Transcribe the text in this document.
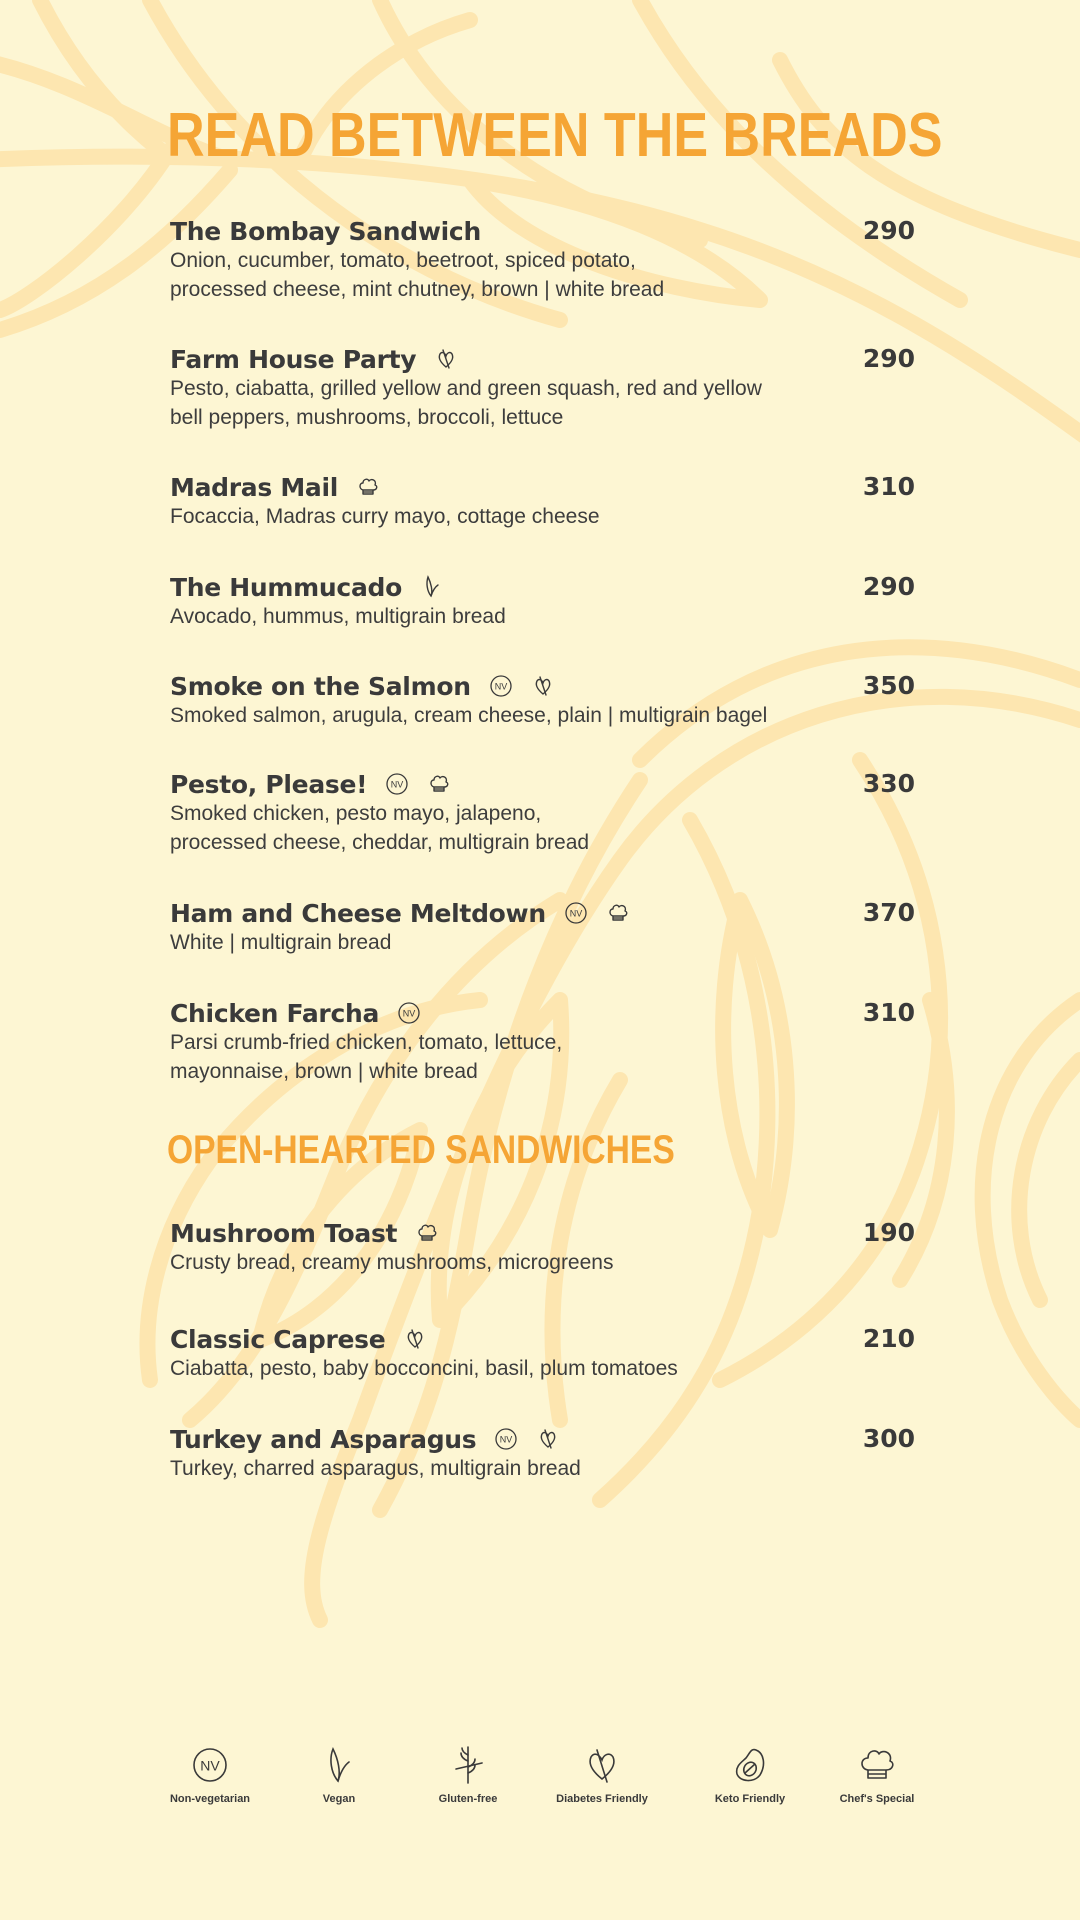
READ BETWEEN THE BREADS
The Bombay Sandwich	290
Onion, cucumber, tomato, beetroot, spiced potato,
processed cheese, mint chutney, brown | white bread
Farm House Party	290
Pesto, ciabatta, grilled yellow and green squash, red and yellow
bell peppers, mushrooms, broccoli, lettuce
Madras Mail	310
Focaccia, Madras curry mayo, cottage cheese
The Hummucado	290
Avocado, hummus, multigrain bread
Smoke on the Salmon	NV	350
Smoked salmon, arugula, cream cheese, plain | multigrain bagel
Pesto, Please!	NV	330
Smoked chicken, pesto mayo, jalapeno,
processed cheese, cheddar, multigrain bread
Ham and Cheese Meltdown	NV	370
White | multigrain bread
Chicken Farcha	NV	310
Parsi crumb-fried chicken, tomato, lettuce,
mayonnaise, brown | white bread
OPEN-HEARTED SANDWICHES
Mushroom Toast	190
Crusty bread, creamy mushrooms, microgreens
Classic Caprese	210
Ciabatta, pesto, baby bocconcini, basil, plum tomatoes
Turkey and Asparagus	NV	300
Turkey, charred asparagus, multigrain bread
NV
Non-vegetarian	Vegan	Gluten-free	Diabetes Friendly	Keto Friendly	Chef's Special
